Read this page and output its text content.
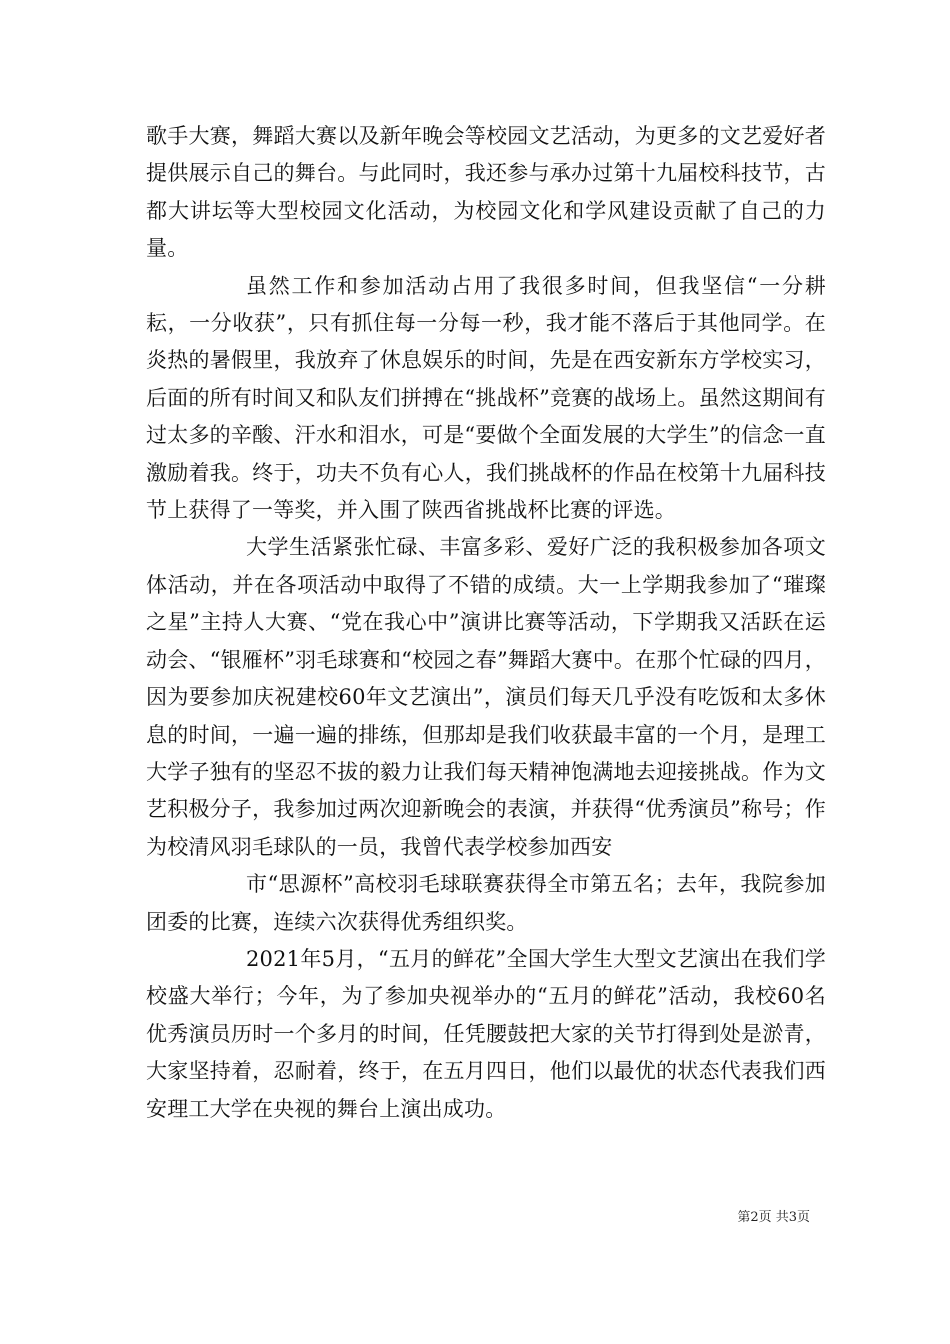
歌手大赛，舞蹈大赛以及新年晚会等校园文艺活动，为更多的文艺爱好者提供展示自己的舞台。与此同时，我还参与承办过第十九届校科技节，古都大讲坛等大型校园文化活动，为校园文化和学风建设贡献了自己的力量。

虽然工作和参加活动占用了我很多时间，但我坚信“一分耕耘，一分收获”，只有抓住每一分每一秒，我才能不落后于其他同学。在炎热的暑假里，我放弃了休息娱乐的时间，先是在西安新东方学校实习，后面的所有时间又和队友们拼搏在“挑战杯”竞赛的战场上。虽然这期间有过太多的辛酸、汗水和泪水，可是“要做个全面发展的大学生”的信念一直激励着我。终于，功夫不负有心人，我们挑战杯的作品在校第十九届科技节上获得了一等奖，并入围了陕西省挑战杯比赛的评选。

大学生活紧张忙碌、丰富多彩、爱好广泛的我积极参加各项文体活动，并在各项活动中取得了不错的成绩。大一上学期我参加了“璀璨之星”主持人大赛、“党在我心中”演讲比赛等活动，下学期我又活跃在运动会、“银雁杯”羽毛球赛和“校园之春”舞蹈大赛中。在那个忙碌的四月，因为要参加庆祝建校60年文艺演出”，演员们每天几乎没有吃饭和太多休息的时间，一遍一遍的排练，但那却是我们收获最丰富的一个月，是理工大学子独有的坚忍不拔的毅力让我们每天精神饱满地去迎接挑战。作为文艺积极分子，我参加过两次迎新晚会的表演，并获得“优秀演员”称号；作为校清风羽毛球队的一员，我曾代表学校参加西安

市“思源杯”高校羽毛球联赛获得全市第五名；去年，我院参加团委的比赛，连续六次获得优秀组织奖。

2021年5月，“五月的鲜花”全国大学生大型文艺演出在我们学校盛大举行；今年，为了参加央视举办的“五月的鲜花”活动，我校60名优秀演员历时一个多月的时间，任凭腰鼓把大家的关节打得到处是淤青，大家坚持着，忍耐着，终于，在五月四日，他们以最优的状态代表我们西安理工大学在央视的舞台上演出成功。

第2页 共3页
